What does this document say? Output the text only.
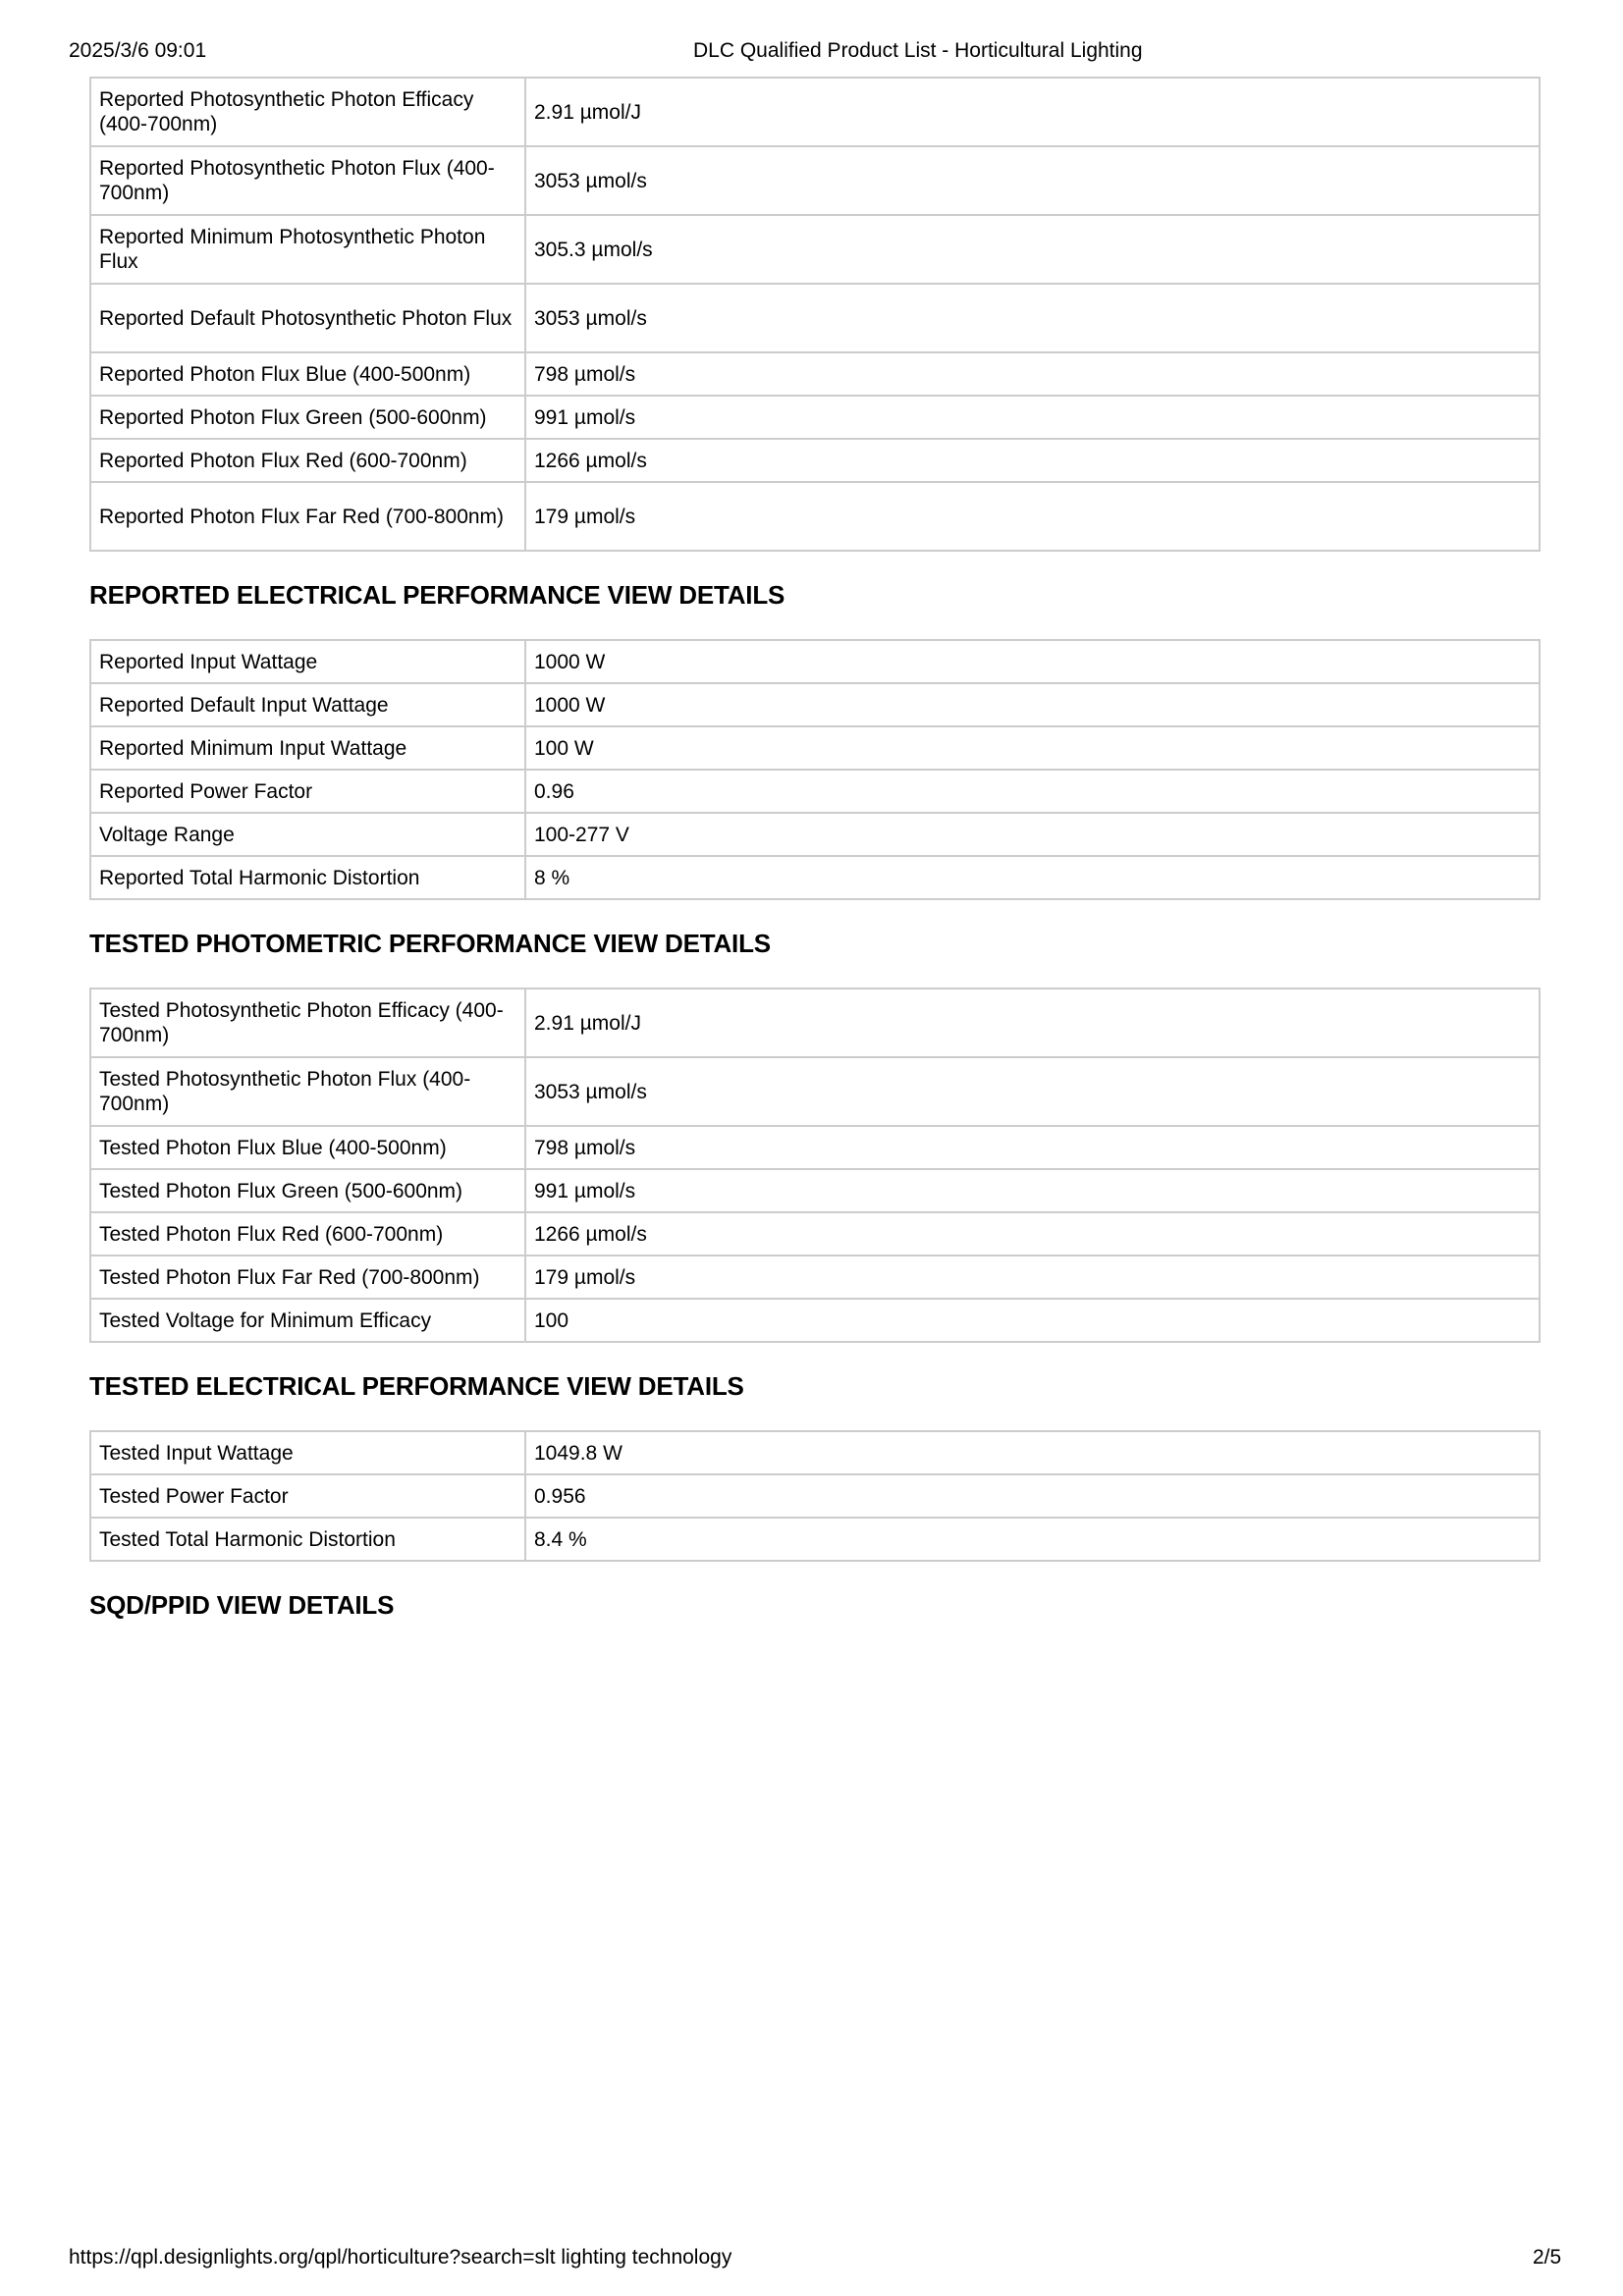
2025/3/6 09:01	DLC Qualified Product List - Horticultural Lighting
Reported Photosynthetic Photon Efficacy (400-700nm)	2.91 µmol/J
Reported Photosynthetic Photon Flux (400-700nm)	3053 µmol/s
Reported Minimum Photosynthetic Photon Flux	305.3 µmol/s
Reported Default Photosynthetic Photon Flux	3053 µmol/s
Reported Photon Flux Blue (400-500nm)	798 µmol/s
Reported Photon Flux Green (500-600nm)	991 µmol/s
Reported Photon Flux Red (600-700nm)	1266 µmol/s
Reported Photon Flux Far Red (700-800nm)	179 µmol/s
REPORTED ELECTRICAL PERFORMANCE VIEW DETAILS
Reported Input Wattage	1000 W
Reported Default Input Wattage	1000 W
Reported Minimum Input Wattage	100 W
Reported Power Factor	0.96
Voltage Range	100-277 V
Reported Total Harmonic Distortion	8 %
TESTED PHOTOMETRIC PERFORMANCE VIEW DETAILS
Tested Photosynthetic Photon Efficacy (400-700nm)	2.91 µmol/J
Tested Photosynthetic Photon Flux (400-700nm)	3053 µmol/s
Tested Photon Flux Blue (400-500nm)	798 µmol/s
Tested Photon Flux Green (500-600nm)	991 µmol/s
Tested Photon Flux Red (600-700nm)	1266 µmol/s
Tested Photon Flux Far Red (700-800nm)	179 µmol/s
Tested Voltage for Minimum Efficacy	100
TESTED ELECTRICAL PERFORMANCE VIEW DETAILS
Tested Input Wattage	1049.8 W
Tested Power Factor	0.956
Tested Total Harmonic Distortion	8.4 %
SQD/PPID VIEW DETAILS
https://qpl.designlights.org/qpl/horticulture?search=slt lighting technology	2/5
